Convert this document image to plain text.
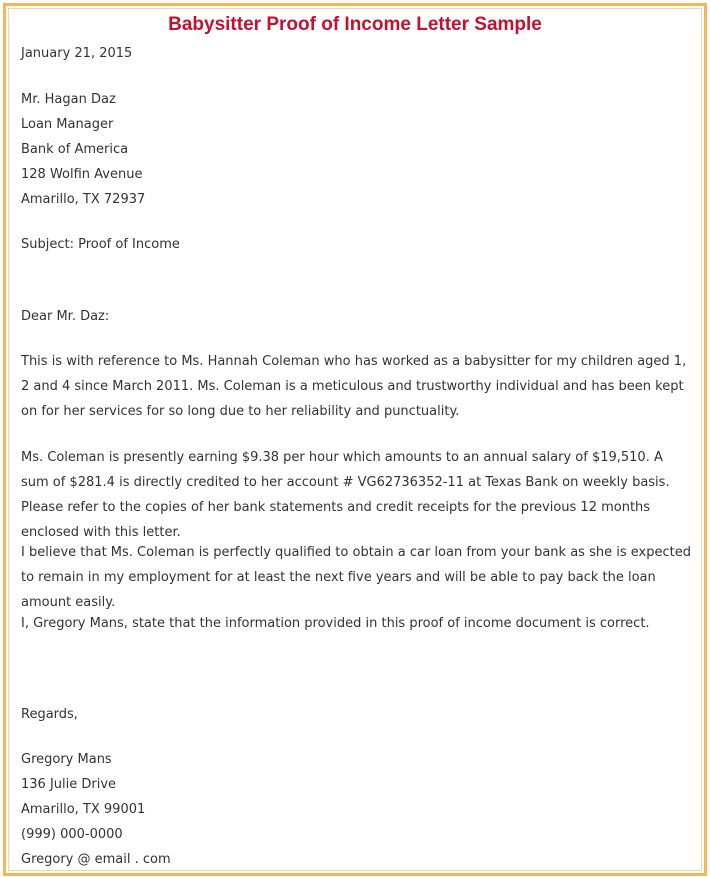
Babysitter Proof of Income Letter Sample
January 21, 2015
Mr. Hagan Daz
Loan Manager
Bank of America
128 Wolfin Avenue
Amarillo, TX 72937
Subject: Proof of Income
Dear Mr. Daz:
This is with reference to Ms. Hannah Coleman who has worked as a babysitter for my children aged 1, 2 and 4 since March 2011. Ms. Coleman is a meticulous and trustworthy individual and has been kept on for her services for so long due to her reliability and punctuality.
Ms. Coleman is presently earning $9.38 per hour which amounts to an annual salary of $19,510. A sum of $281.4 is directly credited to her account # VG62736352-11 at Texas Bank on weekly basis. Please refer to the copies of her bank statements and credit receipts for the previous 12 months enclosed with this letter.
I believe that Ms. Coleman is perfectly qualified to obtain a car loan from your bank as she is expected to remain in my employment for at least the next five years and will be able to pay back the loan amount easily.
I, Gregory Mans, state that the information provided in this proof of income document is correct.
Regards,
Gregory Mans
136 Julie Drive
Amarillo, TX 99001
(999) 000-0000
Gregory @ email . com
